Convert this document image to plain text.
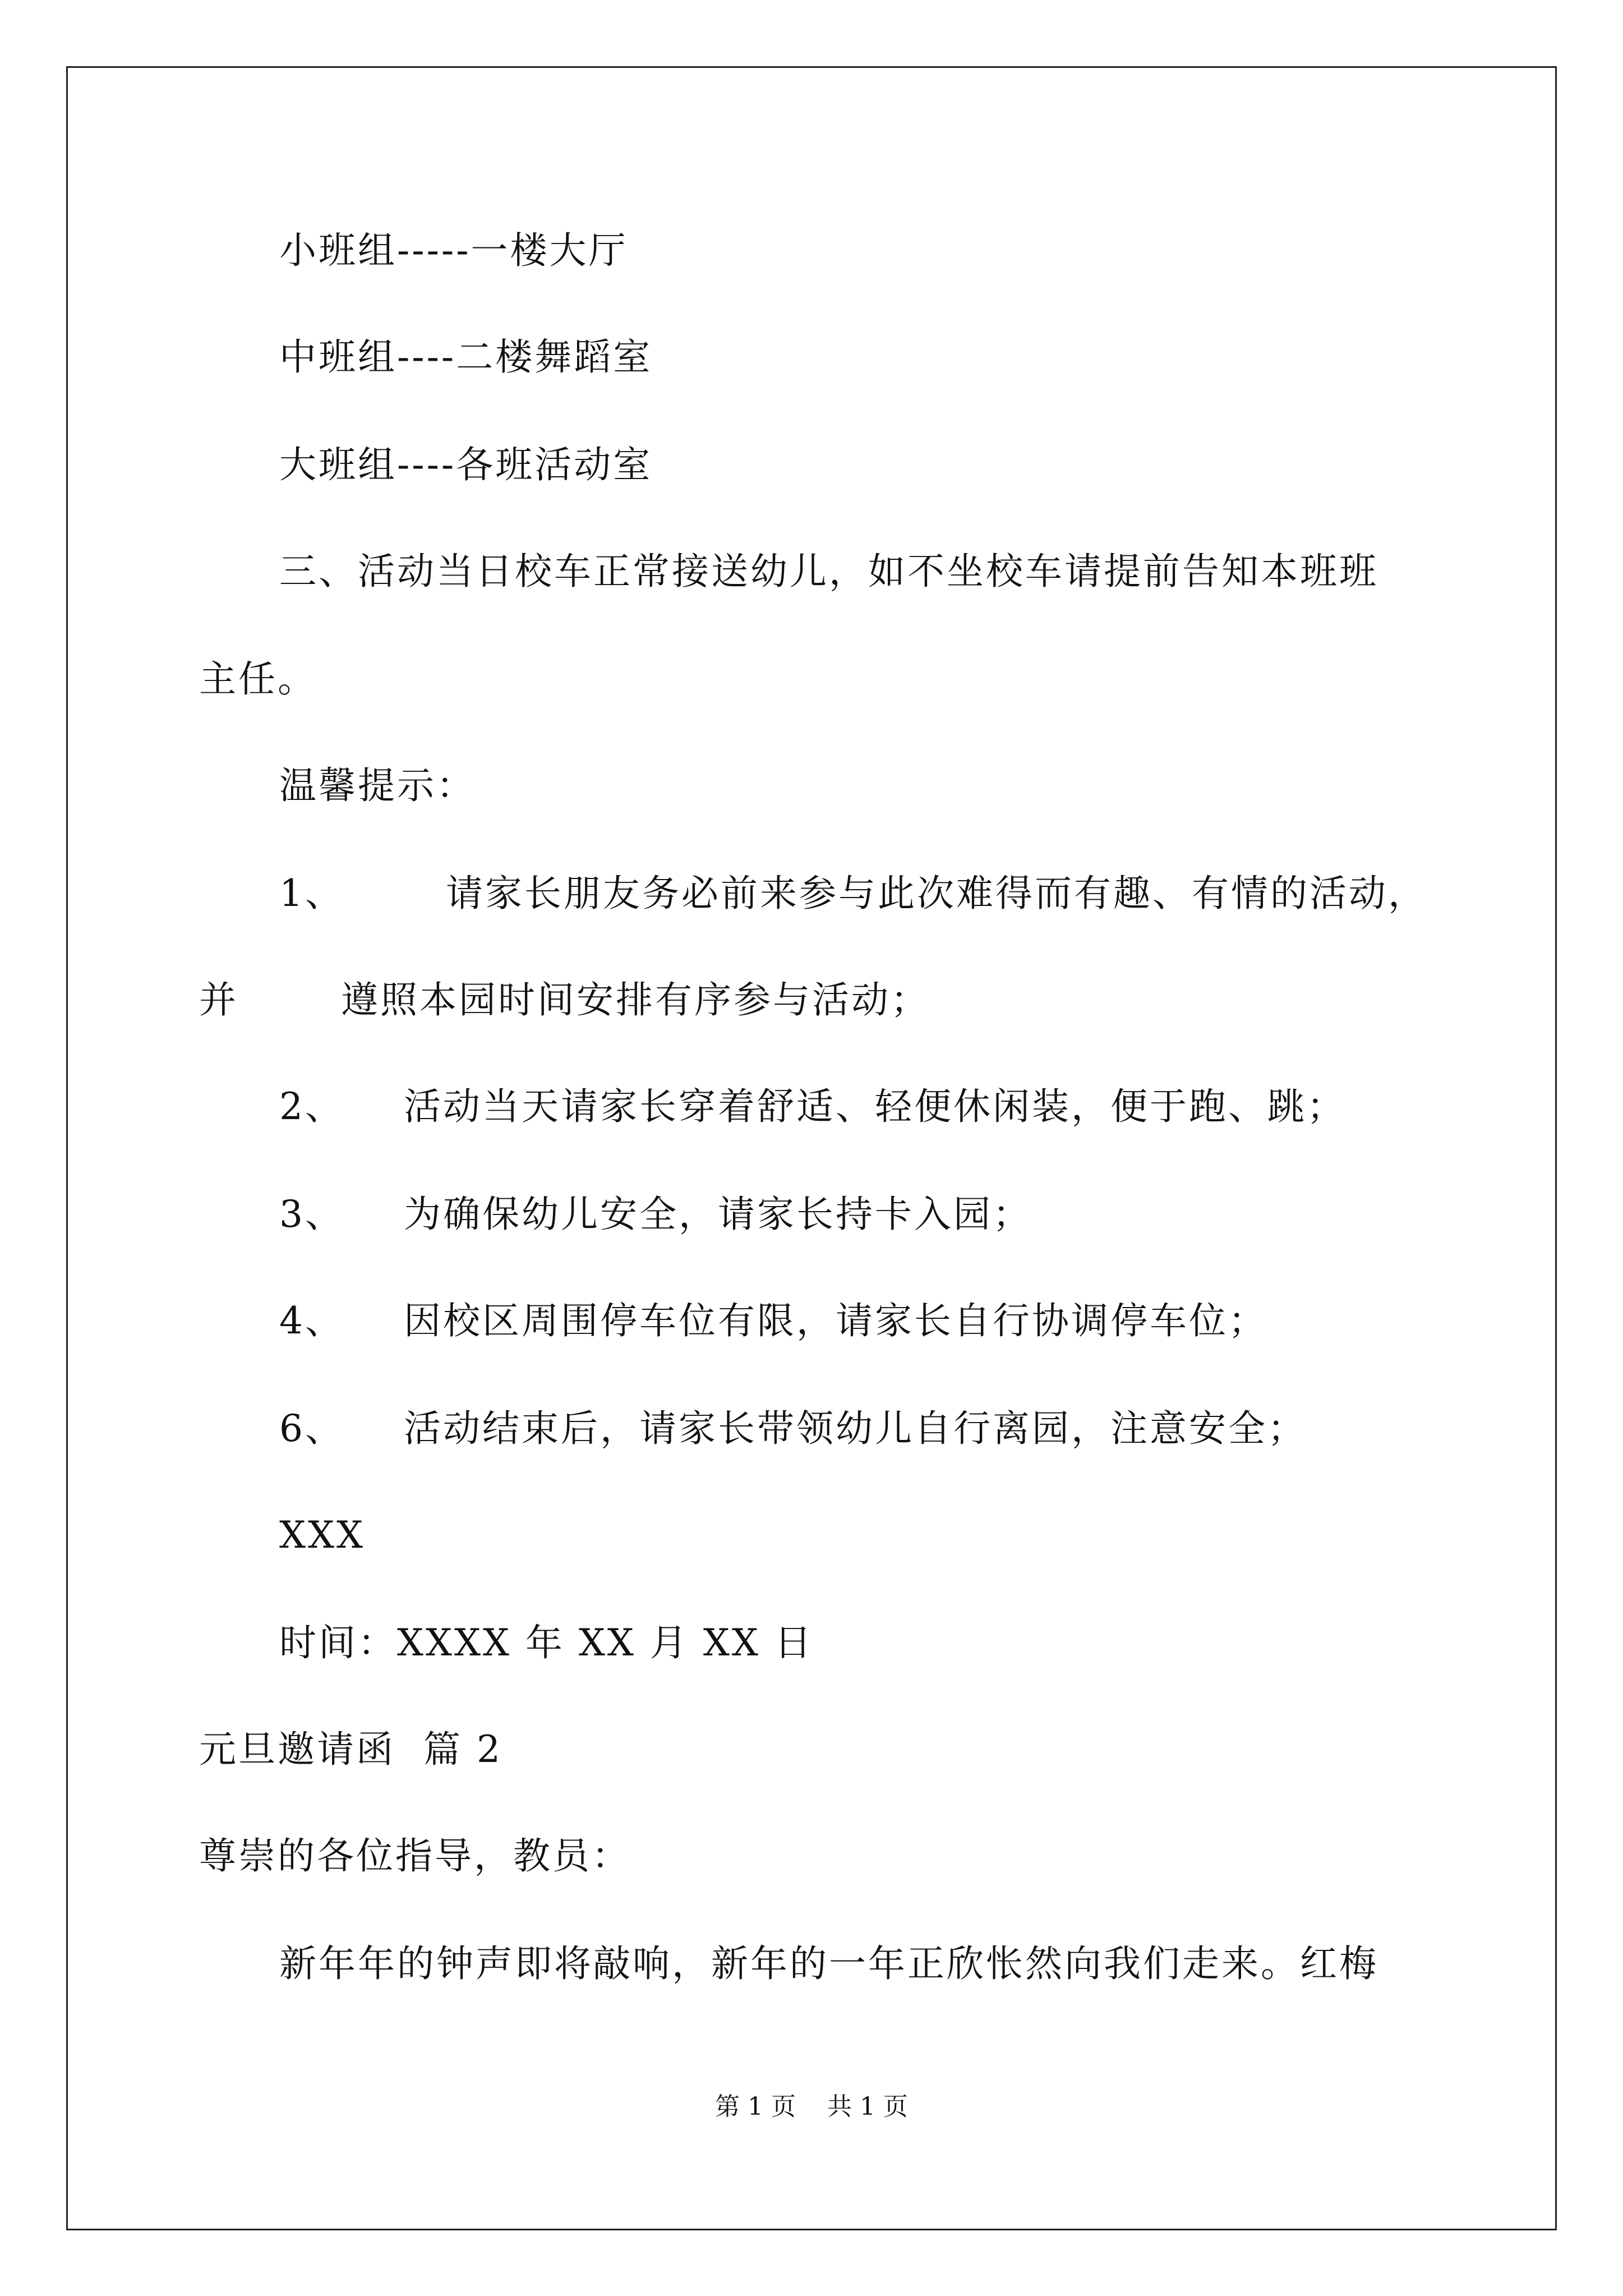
小班组-----一楼大厅
中班组----二楼舞蹈室
大班组----各班活动室
三、活动当日校车正常接送幼儿，如不坐校车请提前告知本班班
主任。
温馨提示：
1、	请家长朋友务必前来参与此次难得而有趣、有情的活动，
并	遵照本园时间安排有序参与活动；
2、 活动当天请家长穿着舒适、轻便休闲装，便于跑、跳；
3、 为确保幼儿安全，请家长持卡入园；
4、 因校区周围停车位有限，请家长自行协调停车位；
6、 活动结束后，请家长带领幼儿自行离园，注意安全；
XXX
时间：XXXX 年 XX 月 XX 日
元旦邀请函  篇 2
尊崇的各位指导，教员：
新年年的钟声即将敲响，新年的一年正欣怅然向我们走来。红梅
第 1 页    共 1 页
